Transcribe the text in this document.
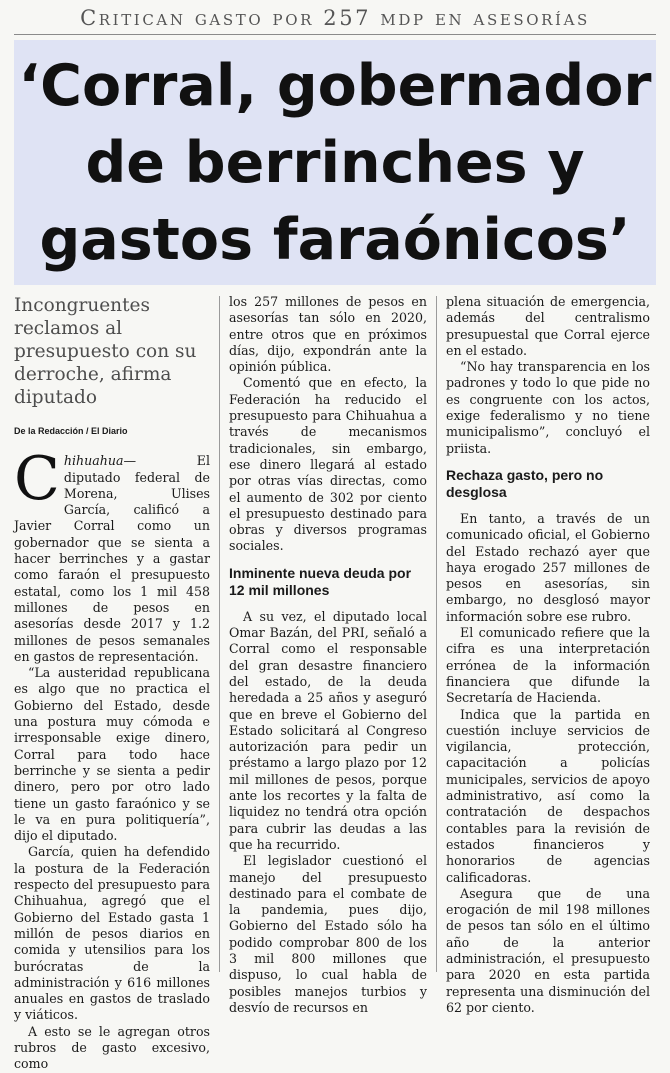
Critican gasto por 257 mdp en asesorías
‘Corral, gobernador
de berrinches y
gastos faraónicos’
Incongruentes reclamos al presupuesto con su derroche, afirma diputado
De la Redacción / El Diario

Chihuahua— El diputado federal de Morena, Ulises García, calificó a Javier Corral como un gobernador que se sienta a hacer berrinches y a gastar como faraón el presupuesto estatal, como los 1 mil 458 millones de pesos en asesorías desde 2017 y 1.2 millones de pesos semanales en gastos de representación.

“La austeridad republicana es algo que no practica el Gobierno del Estado, desde una postura muy cómoda e irresponsable exige dinero, Corral para todo hace berrinche y se sienta a pedir dinero, pero por otro lado tiene un gasto faraónico y se le va en pura politiquería”, dijo el diputado.

García, quien ha defendido la postura de la Federación respecto del presupuesto para Chihuahua, agregó que el Gobierno del Estado gasta 1 millón de pesos diarios en comida y utensilios para los burócratas de la administración y 616 millones anuales en gastos de traslado y viáticos.

A esto se le agregan otros rubros de gasto excesivo, como

los 257 millones de pesos en asesorías tan sólo en 2020, entre otros que en próximos días, dijo, expondrán ante la opinión pública.

Comentó que en efecto, la Federación ha reducido el presupuesto para Chihuahua a través de mecanismos tradicionales, sin embargo, ese dinero llegará al estado por otras vías directas, como el aumento de 302 por ciento el presupuesto destinado para obras y diversos programas sociales.

Inminente nueva deuda por 12 mil millones

A su vez, el diputado local Omar Bazán, del PRI, señaló a Corral como el responsable del gran desastre financiero del estado, de la deuda heredada a 25 años y aseguró que en breve el Gobierno del Estado solicitará al Congreso autorización para pedir un préstamo a largo plazo por 12 mil millones de pesos, porque ante los recortes y la falta de liquidez no tendrá otra opción para cubrir las deudas a las que ha recurrido.

El legislador cuestionó el manejo del presupuesto destinado para el combate de la pandemia, pues dijo, Gobierno del Estado sólo ha podido comprobar 800 de los 3 mil 800 millones que dispuso, lo cual habla de posibles manejos turbios y desvío de recursos en

plena situación de emergencia, además del centralismo presupuestal que Corral ejerce en el estado.

“No hay transparencia en los padrones y todo lo que pide no es congruente con los actos, exige federalismo y no tiene municipalismo”, concluyó el priista.

Rechaza gasto, pero no desglosa

En tanto, a través de un comunicado oficial, el Gobierno del Estado rechazó ayer que haya erogado 257 millones de pesos en asesorías, sin embargo, no desglosó mayor información sobre ese rubro.

El comunicado refiere que la cifra es una interpretación errónea de la información financiera que difunde la Secretaría de Hacienda.

Indica que la partida en cuestión incluye servicios de vigilancia, protección, capacitación a policías municipales, servicios de apoyo administrativo, así como la contratación de despachos contables para la revisión de estados financieros y honorarios de agencias calificadoras.

Asegura que de una erogación de mil 198 millones de pesos tan sólo en el último año de la anterior administración, el presupuesto para 2020 en esta partida representa una disminución del 62 por ciento.
